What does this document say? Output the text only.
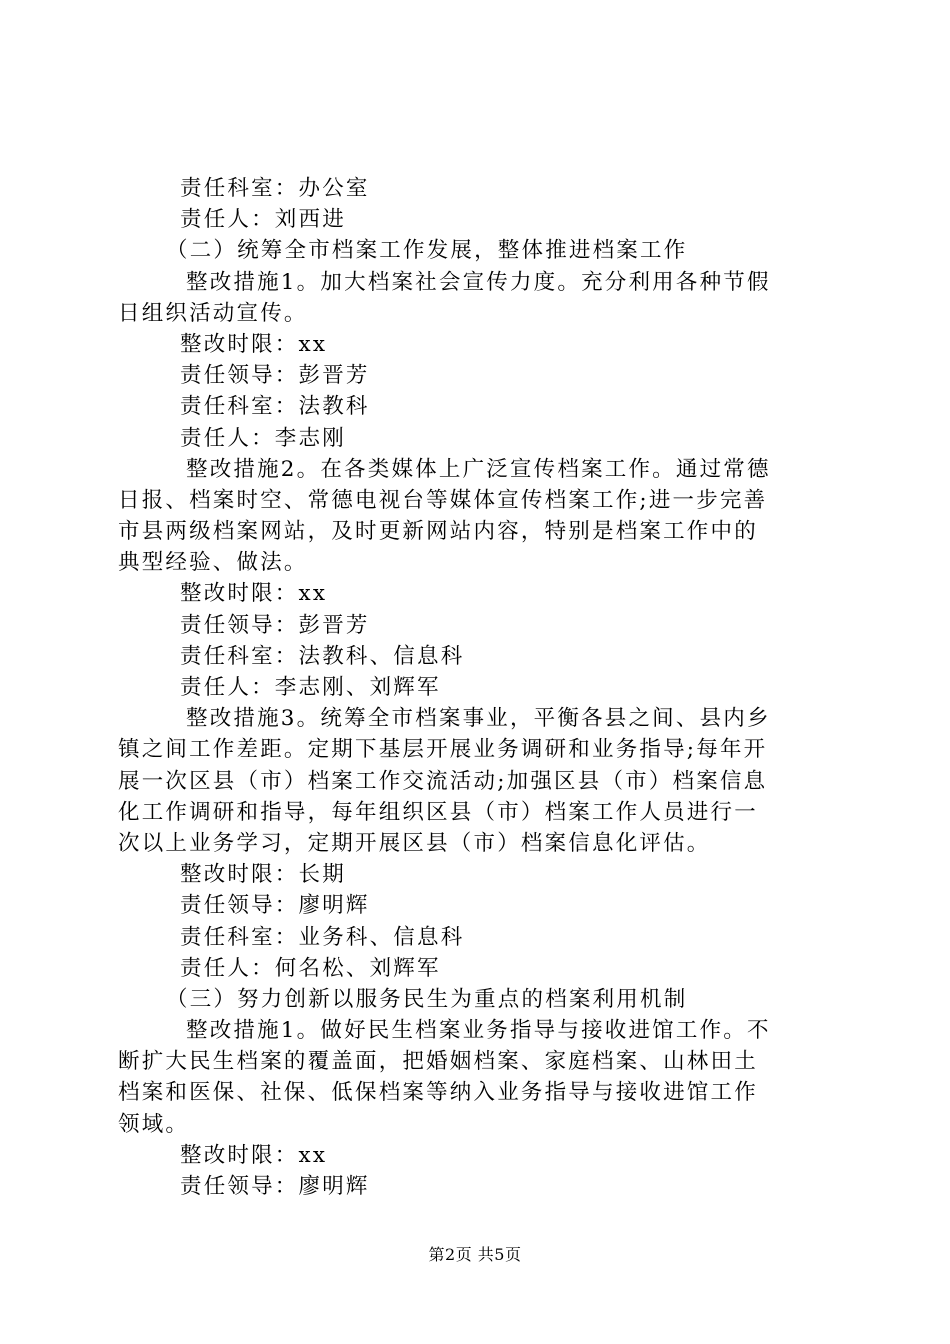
责任科室：办公室
责任人：刘西进
（二）统筹全市档案工作发展，整体推进档案工作
整改措施1。加大档案社会宣传力度。充分利用各种节假
日组织活动宣传。
整改时限：xx
责任领导：彭晋芳
责任科室：法教科
责任人：李志刚
整改措施2。在各类媒体上广泛宣传档案工作。通过常德
日报、档案时空、常德电视台等媒体宣传档案工作;进一步完善
市县两级档案网站，及时更新网站内容，特别是档案工作中的
典型经验、做法。
整改时限：xx
责任领导：彭晋芳
责任科室：法教科、信息科
责任人：李志刚、刘辉军
整改措施3。统筹全市档案事业，平衡各县之间、县内乡
镇之间工作差距。定期下基层开展业务调研和业务指导;每年开
展一次区县（市）档案工作交流活动;加强区县（市）档案信息
化工作调研和指导，每年组织区县（市）档案工作人员进行一
次以上业务学习，定期开展区县（市）档案信息化评估。
整改时限：长期
责任领导：廖明辉
责任科室：业务科、信息科
责任人：何名松、刘辉军
（三）努力创新以服务民生为重点的档案利用机制
整改措施1。做好民生档案业务指导与接收进馆工作。不
断扩大民生档案的覆盖面，把婚姻档案、家庭档案、山林田土
档案和医保、社保、低保档案等纳入业务指导与接收进馆工作
领域。
整改时限：xx
责任领导：廖明辉
第2页 共5页
